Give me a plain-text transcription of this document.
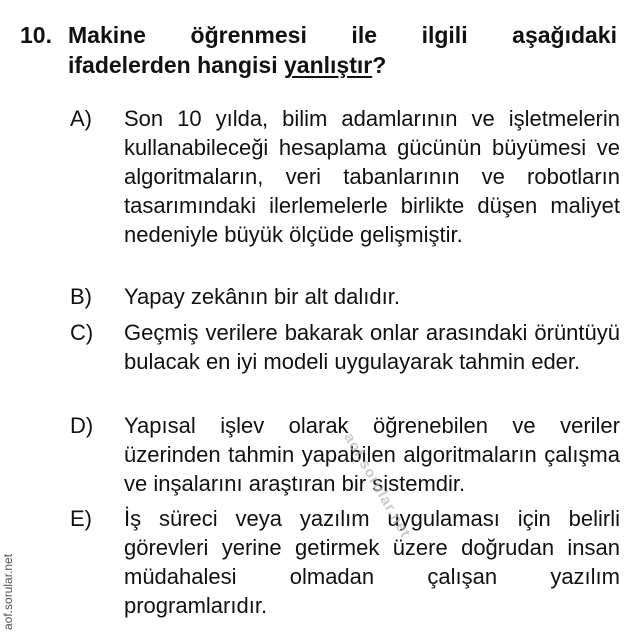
10. Makine öğrenmesi ile ilgili aşağıdaki
ifadelerden hangisi yanlıştır?
A)	Son 10 yılda, bilim adamlarının ve işletmelerin kullanabileceği hesaplama gücünün büyümesi ve algoritmaların, veri tabanlarının ve robotların tasarımındaki ilerlemelerle birlikte düşen maliyet nedeniyle büyük ölçüde gelişmiştir.
B)	Yapay zekânın bir alt dalıdır.
C)	Geçmiş verilere bakarak onlar arasındaki örüntüyü bulacak en iyi modeli uygulayarak tahmin eder.
D)	Yapısal işlev olarak öğrenebilen ve veriler üzerinden tahmin yapabilen algoritmaların çalışma ve inşalarını araştıran bir sistemdir.
E)	İş süreci veya yazılım uygulaması için belirli görevleri yerine getirmek üzere doğrudan insan müdahalesi olmadan çalışan yazılım programlarıdır.
aof.sorular.net
aof.sorular.net
